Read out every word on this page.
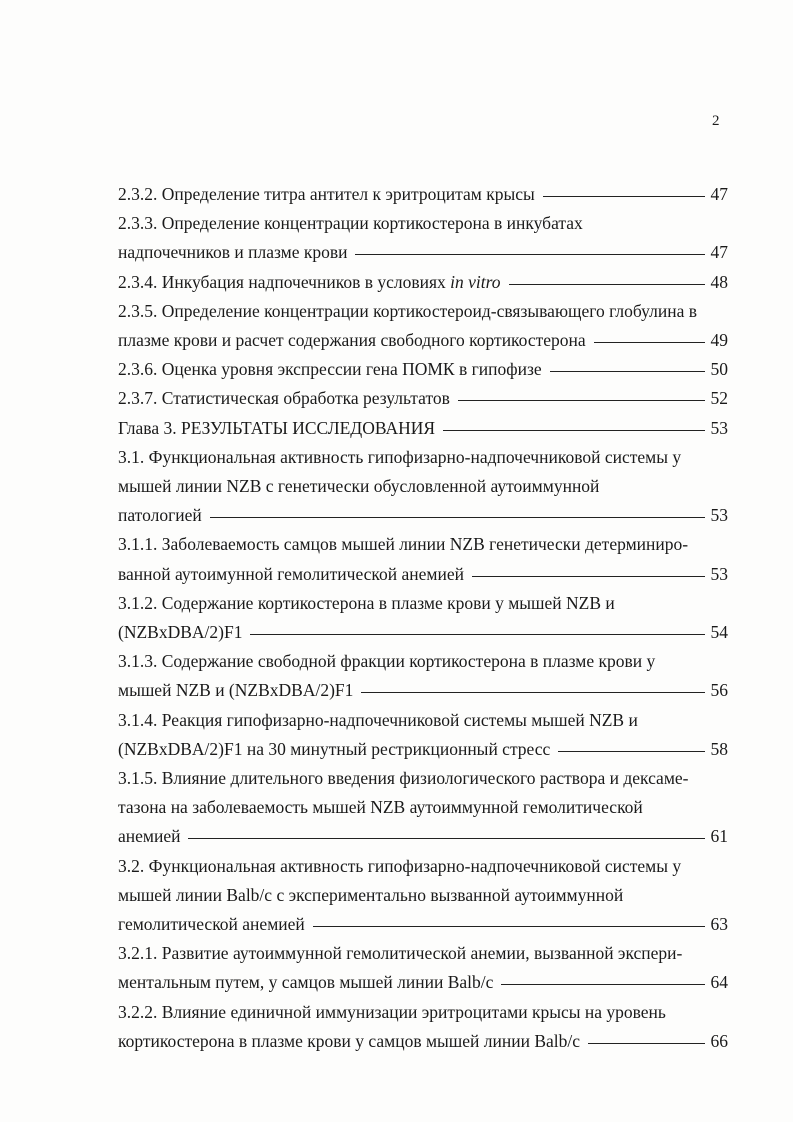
2
2.3.2. Определение титра антител к эритроцитам крысы	47
2.3.3. Определение концентрации кортикостерона в инкубатах
надпочечников и плазме крови	47
2.3.4. Инкубация надпочечников в условиях in vitro	48
2.3.5. Определение концентрации кортикостероид-связывающего глобулина в
плазме крови и расчет содержания свободного кортикостерона	49
2.3.6. Оценка уровня экспрессии гена ПОМК в гипофизе	50
2.3.7. Статистическая обработка результатов	52
Глава 3. РЕЗУЛЬТАТЫ ИССЛЕДОВАНИЯ	53
3.1. Функциональная активность гипофизарно-надпочечниковой системы у
мышей линии NZB с генетически обусловленной аутоиммунной
патологией	53
3.1.1. Заболеваемость самцов мышей линии NZB генетически детерминиро-
ванной аутоимунной гемолитической анемией	53
3.1.2. Содержание кортикостерона в плазме крови у мышей NZB и
(NZBxDBA/2)F1	54
3.1.3. Содержание свободной фракции кортикостерона в плазме крови у
мышей NZB и (NZBxDBA/2)F1	56
3.1.4. Реакция гипофизарно-надпочечниковой системы мышей NZB и
(NZBxDBA/2)F1 на 30 минутный рестрикционный стресс	58
3.1.5. Влияние длительного введения физиологического раствора и дексаме-
тазона на заболеваемость мышей NZB аутоиммунной гемолитической
анемией	61
3.2. Функциональная активность гипофизарно-надпочечниковой системы у
мышей линии Balb/c с экспериментально вызванной аутоиммунной
гемолитической анемией	63
3.2.1. Развитие аутоиммунной гемолитической анемии, вызванной экспери-
ментальным путем, у самцов мышей линии Balb/c	64
3.2.2. Влияние единичной иммунизации эритроцитами крысы на уровень
кортикостерона в плазме крови у самцов мышей линии Balb/c	66
